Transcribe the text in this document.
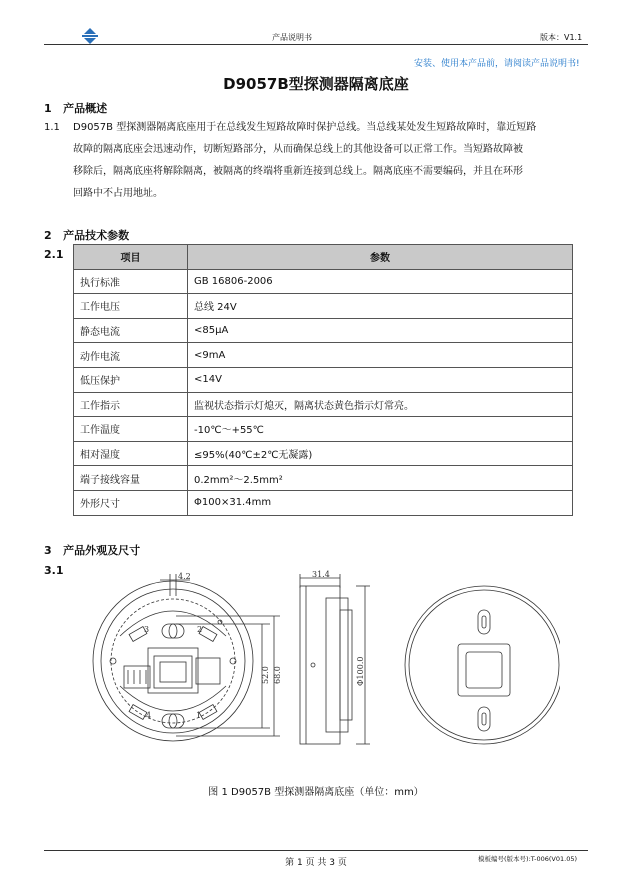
产品说明书	版本：V1.1
安装、使用本产品前，请阅读产品说明书!
D9057B型探测器隔离底座
1   产品概述
1.1 D9057B 型探测器隔离底座用于在总线发生短路故障时保护总线。当总线某处发生短路故障时，靠近短路
故障的隔离底座会迅速动作，切断短路部分，从而确保总线上的其他设备可以正常工作。当短路故障被
移除后，隔离底座将解除隔离，被隔离的终端将重新连接到总线上。隔离底座不需要编码，并且在环形
回路中不占用地址。
2   产品技术参数
2.1	项目	参数
执行标准	GB 16806-2006
工作电压	总线 24V
静态电流	<85μA
动作电流	<9mA
低压保护	<14V
工作指示	监视状态指示灯熄灭，隔离状态黄色指示灯常亮。
工作温度	-10℃～+55℃
相对湿度	≤95%(40℃±2℃无凝露)
端子接线容量	0.2mm²～2.5mm²
外形尺寸	Φ100×31.4mm
3   产品外观及尺寸
3.1	4.2
52.0 68.0
31.4
Φ100.0
3	2
4	1
图 1 D9057B 型探测器隔离底座（单位：mm）
第 1 页 共 3 页	模板编号(版本号):T-006(V01.05)
